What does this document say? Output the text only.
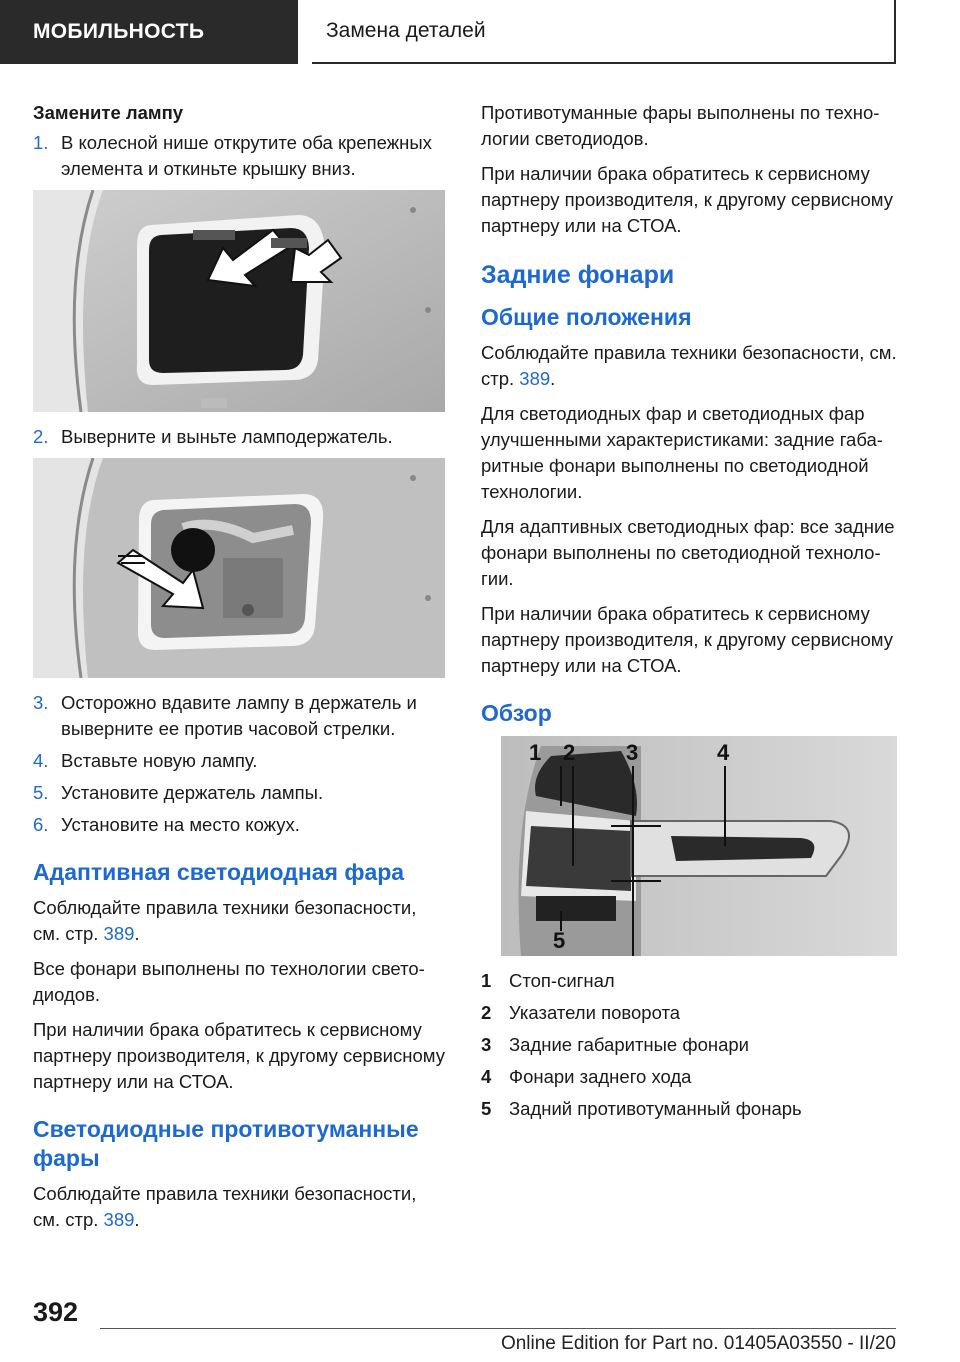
МОБИЛЬНОСТЬ	Замена деталей
Замените лампу
1. В колесной нише открутите оба крепежных элемента и откиньте крышку вниз.
2. Выверните и выньте ламподержатель.
3. Осторожно вдавите лампу в держатель и выверните ее против часовой стрелки.
4. Вставьте новую лампу.
5. Установите держатель лампы.
6. Установите на место кожух.
Адаптивная светодиодная фара

Соблюдайте правила техники безопасности, см. стр. 389.

Все фонари выполнены по технологии светодиодов.

При наличии брака обратитесь к сервисному партнеру производителя, к другому сервисному партнеру или на СТОА.

Светодиодные противотуманные фары

Соблюдайте правила техники безопасности, см. стр. 389.

Противотуманные фары выполнены по технологии светодиодов.

При наличии брака обратитесь к сервисному партнеру производителя, к другому сервисному партнеру или на СТОА.

Задние фонари
Общие положения

Соблюдайте правила техники безопасности, см. стр. 389.

Для светодиодных фар и светодиодных фар улучшенными характеристиками: задние габаритные фонари выполнены по светодиодной технологии.

Для адаптивных светодиодных фар: все задние фонари выполнены по светодиодной технологии.

При наличии брака обратитесь к сервисному партнеру производителя, к другому сервисному партнеру или на СТОА.

Обзор
1 2 3	4
5
1 Стоп-сигнал
2 Указатели поворота
3 Задние габаритные фонари
4 Фонари заднего хода
5 Задний противотуманный фонарь
392
Online Edition for Part no. 01405A03550 - II/20
